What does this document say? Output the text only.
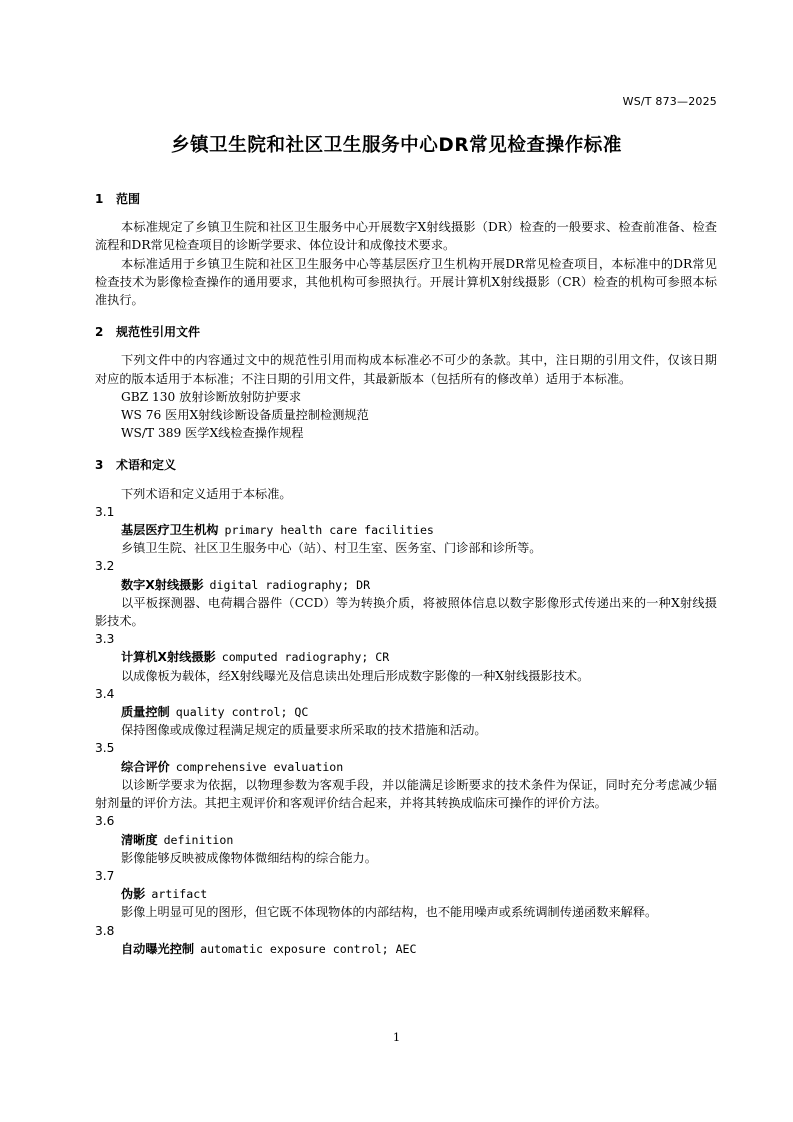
WS/T 873—2025
乡镇卫生院和社区卫生服务中心DR常见检查操作标准

1 范围

本标准规定了乡镇卫生院和社区卫生服务中心开展数字X射线摄影（DR）检查的一般要求、检查前准备、检查流程和DR常见检查项目的诊断学要求、体位设计和成像技术要求。

本标准适用于乡镇卫生院和社区卫生服务中心等基层医疗卫生机构开展DR常见检查项目，本标准中的DR常见检查技术为影像检查操作的通用要求，其他机构可参照执行。开展计算机X射线摄影（CR）检查的机构可参照本标准执行。

2 规范性引用文件

下列文件中的内容通过文中的规范性引用而构成本标准必不可少的条款。其中，注日期的引用文件，仅该日期对应的版本适用于本标准；不注日期的引用文件，其最新版本（包括所有的修改单）适用于本标准。

GBZ 130 放射诊断放射防护要求

WS 76 医用X射线诊断设备质量控制检测规范

WS/T 389 医学X线检查操作规程

3 术语和定义

下列术语和定义适用于本标准。

3.1

基层医疗卫生机构 primary health care facilities

乡镇卫生院、社区卫生服务中心（站）、村卫生室、医务室、门诊部和诊所等。

3.2

数字X射线摄影 digital radiography; DR

以平板探测器、电荷耦合器件（CCD）等为转换介质，将被照体信息以数字影像形式传递出来的一种X射线摄影技术。

3.3

计算机X射线摄影 computed radiography; CR

以成像板为载体，经X射线曝光及信息读出处理后形成数字影像的一种X射线摄影技术。

3.4

质量控制 quality control; QC

保持图像或成像过程满足规定的质量要求所采取的技术措施和活动。

3.5

综合评价 comprehensive evaluation

以诊断学要求为依据，以物理参数为客观手段，并以能满足诊断要求的技术条件为保证，同时充分考虑减少辐射剂量的评价方法。其把主观评价和客观评价结合起来，并将其转换成临床可操作的评价方法。

3.6

清晰度 definition

影像能够反映被成像物体微细结构的综合能力。

3.7

伪影 artifact

影像上明显可见的图形，但它既不体现物体的内部结构，也不能用噪声或系统调制传递函数来解释。

3.8

自动曝光控制 automatic exposure control; AEC

1
